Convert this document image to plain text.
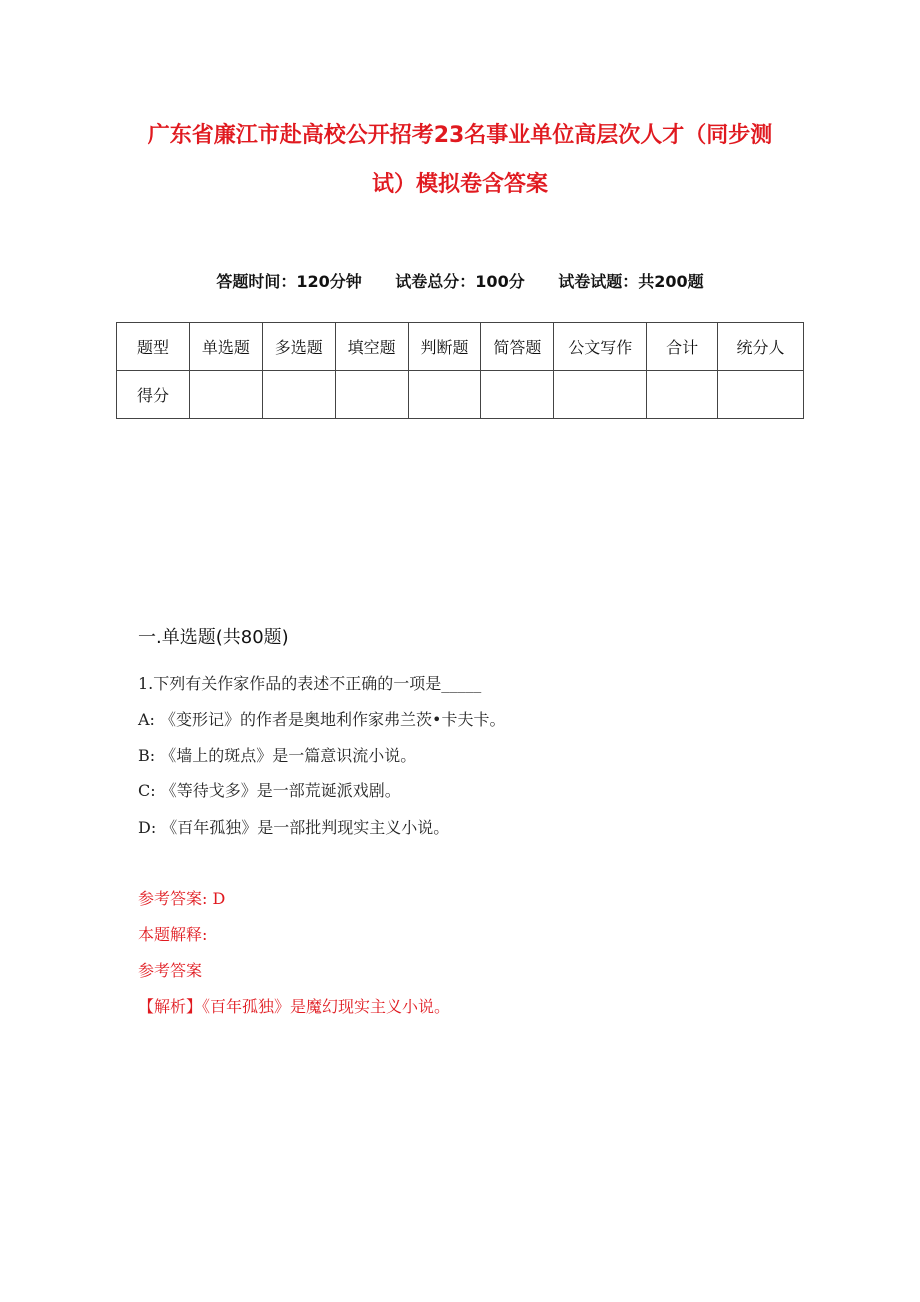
广东省廉江市赴高校公开招考23名事业单位高层次人才（同步测
试）模拟卷含答案
答题时间：120分钟 试卷总分：100分 试卷试题：共200题
题型	单选题	多选题	填空题	判断题	简答题	公文写作	合计	统分人
得分								
一.单选题(共80题)
1.下列有关作家作品的表述不正确的一项是_____
A: 《变形记》的作者是奥地利作家弗兰茨•卡夫卡。
B: 《墙上的斑点》是一篇意识流小说。
C: 《等待戈多》是一部荒诞派戏剧。
D: 《百年孤独》是一部批判现实主义小说。
参考答案: D
本题解释:
参考答案
【解析】《百年孤独》是魔幻现实主义小说。
